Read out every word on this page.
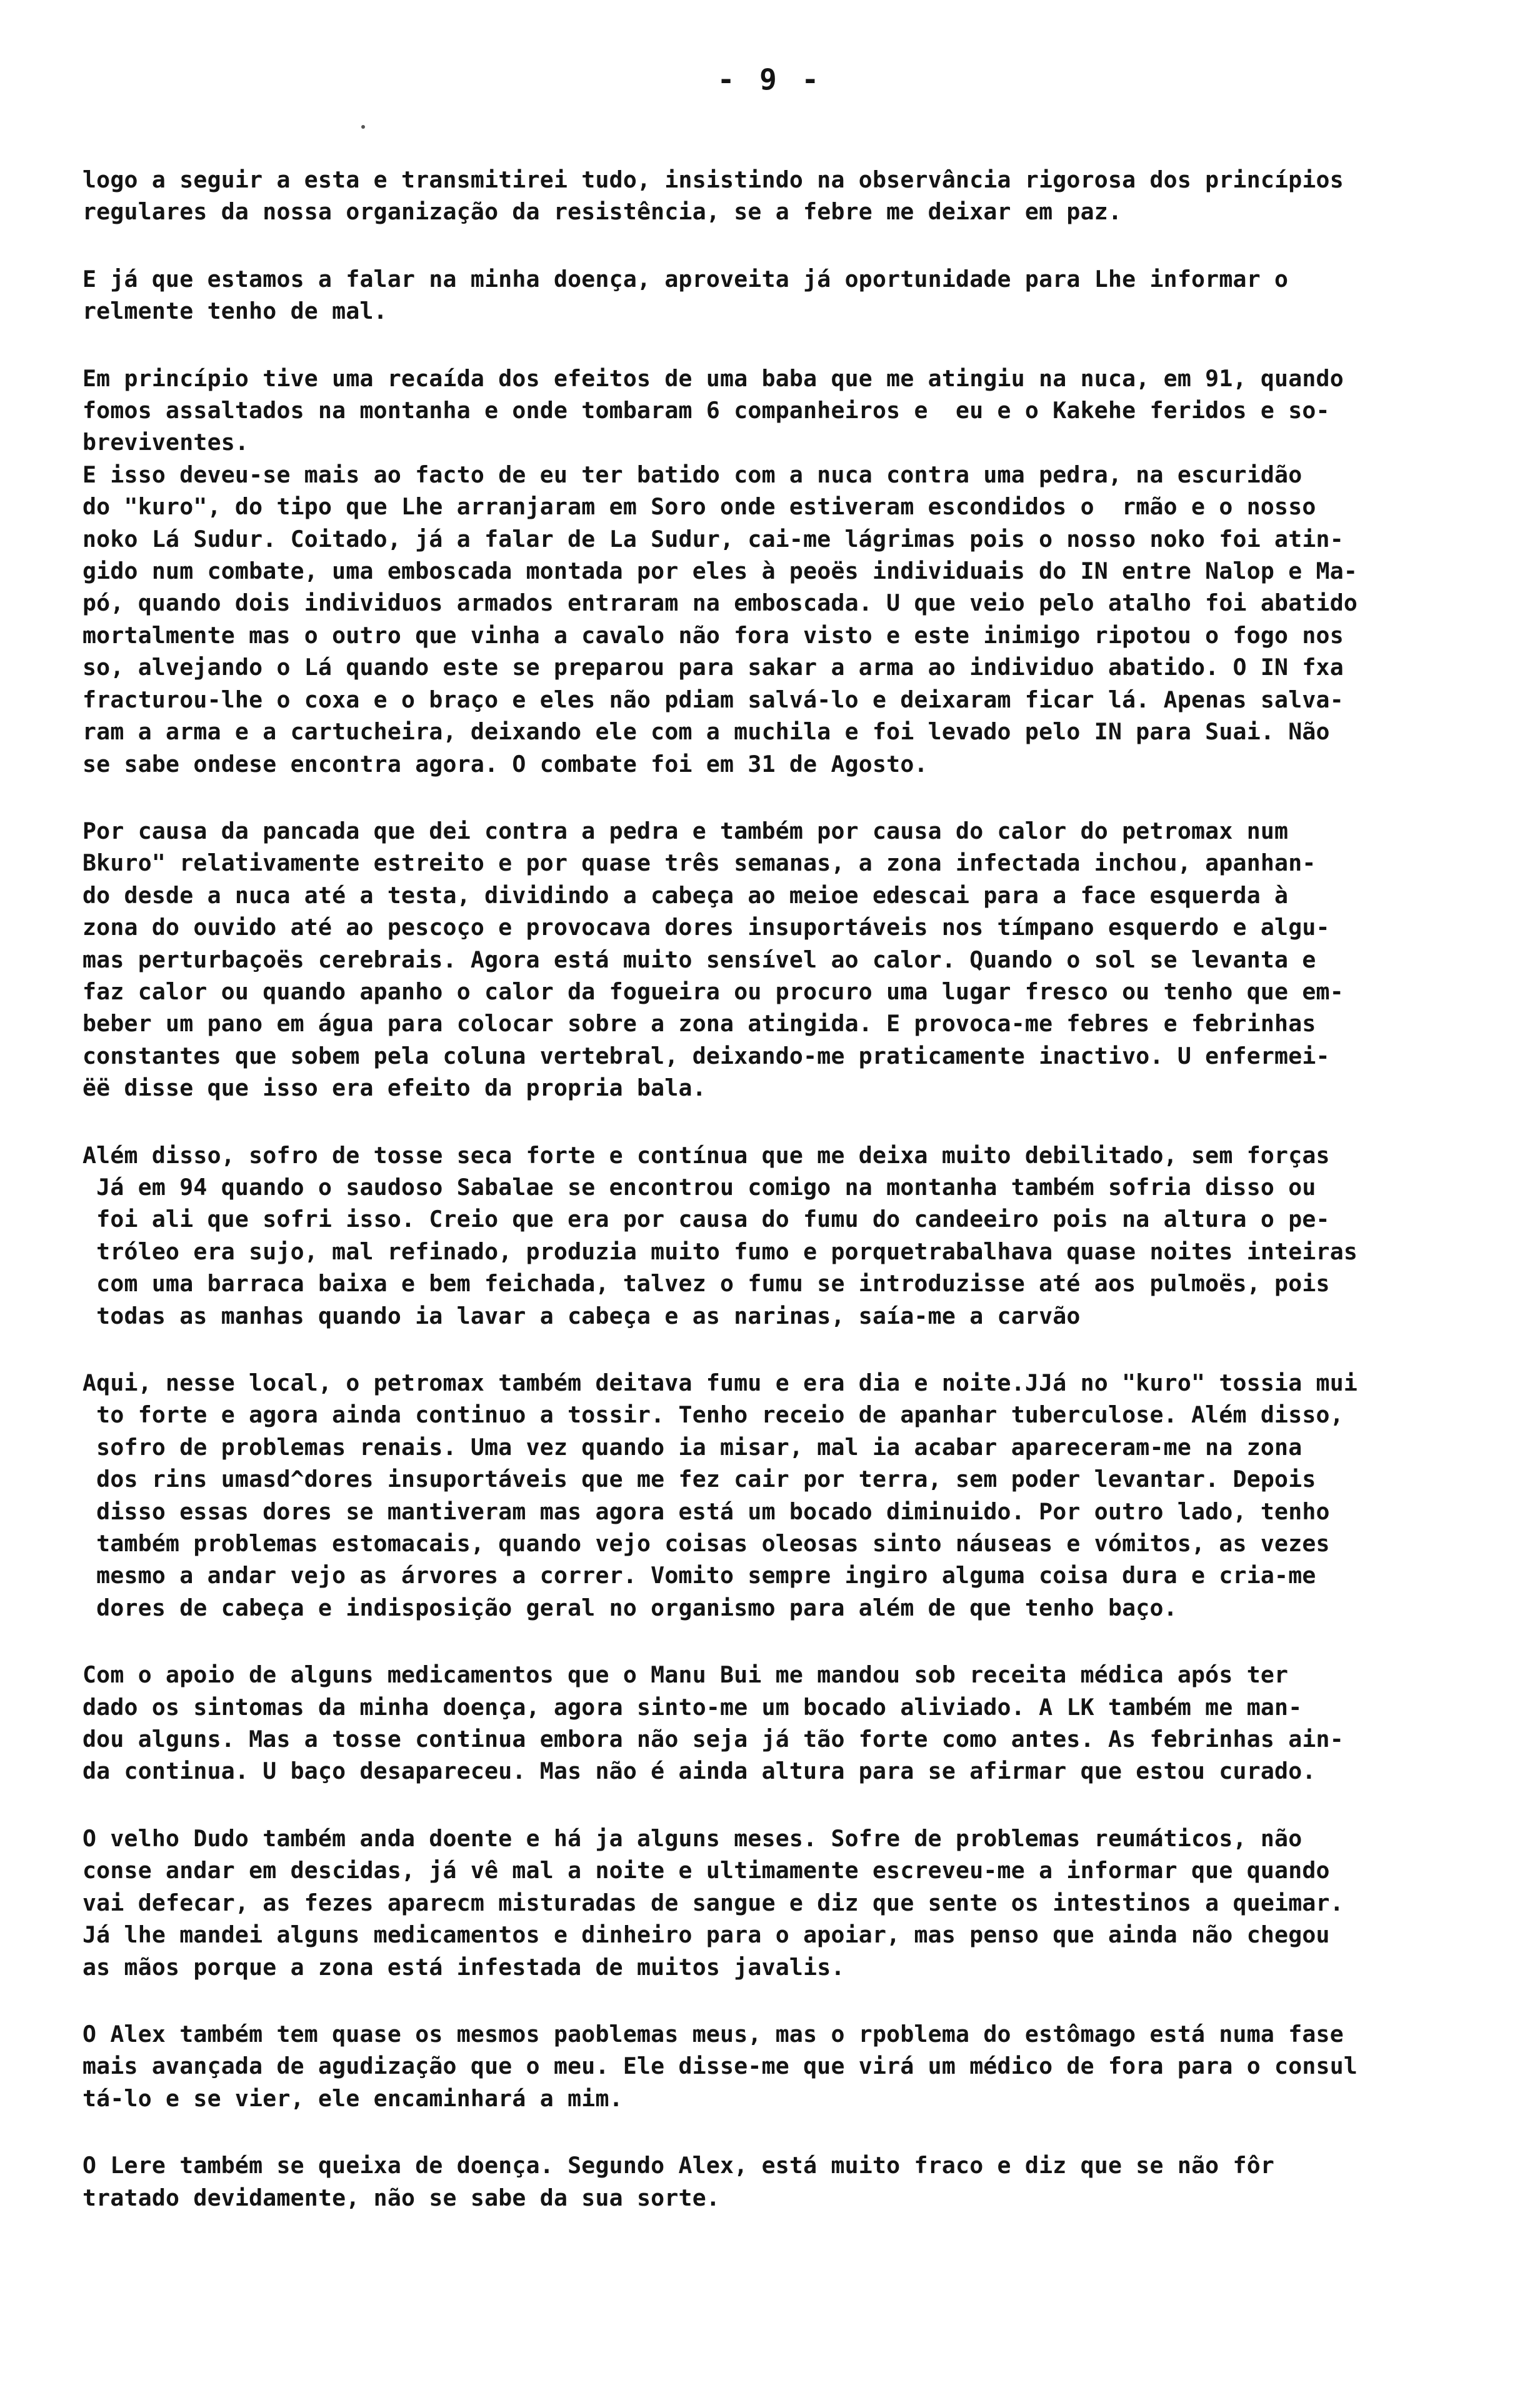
- 9 -
logo a seguir a esta e transmitirei tudo, insistindo na observância rigorosa dos princípios
regulares da nossa organização da resistência, se a febre me deixar em paz.
E já que estamos a falar na minha doença, aproveita já oportunidade para Lhe informar o
relmente tenho de mal.
Em princípio tive uma recaída dos efeitos de uma baba que me atingiu na nuca, em 91, quando
fomos assaltados na montanha e onde tombaram 6 companheiros e  eu e o Kakehe feridos e so-
breviventes.
E isso deveu-se mais ao facto de eu ter batido com a nuca contra uma pedra, na escuridão
do "kuro", do tipo que Lhe arranjaram em Soro onde estiveram escondidos o  rmão e o nosso
noko Lá Sudur. Coitado, já a falar de La Sudur, cai-me lágrimas pois o nosso noko foi atin-
gido num combate, uma emboscada montada por eles à peoës individuais do IN entre Nalop e Ma-
pó, quando dois individuos armados entraram na emboscada. U que veio pelo atalho foi abatido
mortalmente mas o outro que vinha a cavalo não fora visto e este inimigo ripotou o fogo nos
so, alvejando o Lá quando este se preparou para sakar a arma ao individuo abatido. O IN fxa
fracturou-lhe o coxa e o braço e eles não pdiam salvá-lo e deixaram ficar lá. Apenas salva-
ram a arma e a cartucheira, deixando ele com a muchila e foi levado pelo IN para Suai. Não
se sabe ondese encontra agora. O combate foi em 31 de Agosto.
Por causa da pancada que dei contra a pedra e também por causa do calor do petromax num
Bkuro" relativamente estreito e por quase três semanas, a zona infectada inchou, apanhan-
do desde a nuca até a testa, dividindo a cabeça ao meioe edescai para a face esquerda à
zona do ouvido até ao pescoço e provocava dores insuportáveis nos tímpano esquerdo e algu-
mas perturbaçoës cerebrais. Agora está muito sensível ao calor. Quando o sol se levanta e
faz calor ou quando apanho o calor da fogueira ou procuro uma lugar fresco ou tenho que em-
beber um pano em água para colocar sobre a zona atingida. E provoca-me febres e febrinhas
constantes que sobem pela coluna vertebral, deixando-me praticamente inactivo. U enfermei-
ëë disse que isso era efeito da propria bala.
Além disso, sofro de tosse seca forte e contínua que me deixa muito debilitado, sem forças
Já em 94 quando o saudoso Sabalae se encontrou comigo na montanha também sofria disso ou
foi ali que sofri isso. Creio que era por causa do fumu do candeeiro pois na altura o pe-
tróleo era sujo, mal refinado, produzia muito fumo e porquetrabalhava quase noites inteiras
com uma barraca baixa e bem feichada, talvez o fumu se introduzisse até aos pulmoës, pois
todas as manhas quando ia lavar a cabeça e as narinas, saía-me a carvão
Aqui, nesse local, o petromax também deitava fumu e era dia e noite.JJá no "kuro" tossia mui
to forte e agora ainda continuo a tossir. Tenho receio de apanhar tuberculose. Além disso,
sofro de problemas renais. Uma vez quando ia misar, mal ia acabar apareceram-me na zona
dos rins umasd^dores insuportáveis que me fez cair por terra, sem poder levantar. Depois
disso essas dores se mantiveram mas agora está um bocado diminuido. Por outro lado, tenho
também problemas estomacais, quando vejo coisas oleosas sinto náuseas e vómitos, as vezes
mesmo a andar vejo as árvores a correr. Vomito sempre ingiro alguma coisa dura e cria-me
dores de cabeça e indisposição geral no organismo para além de que tenho baço.
Com o apoio de alguns medicamentos que o Manu Bui me mandou sob receita médica após ter
dado os sintomas da minha doença, agora sinto-me um bocado aliviado. A LK também me man-
dou alguns. Mas a tosse continua embora não seja já tão forte como antes. As febrinhas ain-
da continua. U baço desapareceu. Mas não é ainda altura para se afirmar que estou curado.
O velho Dudo também anda doente e há ja alguns meses. Sofre de problemas reumáticos, não
conse andar em descidas, já vê mal a noite e ultimamente escreveu-me a informar que quando
vai defecar, as fezes aparecm misturadas de sangue e diz que sente os intestinos a queimar.
Já lhe mandei alguns medicamentos e dinheiro para o apoiar, mas penso que ainda não chegou
as mãos porque a zona está infestada de muitos javalis.
O Alex também tem quase os mesmos paoblemas meus, mas o rpoblema do estômago está numa fase
mais avançada de agudização que o meu. Ele disse-me que virá um médico de fora para o consul
tá-lo e se vier, ele encaminhará a mim.
O Lere também se queixa de doença. Segundo Alex, está muito fraco e diz que se não fôr
tratado devidamente, não se sabe da sua sorte.
